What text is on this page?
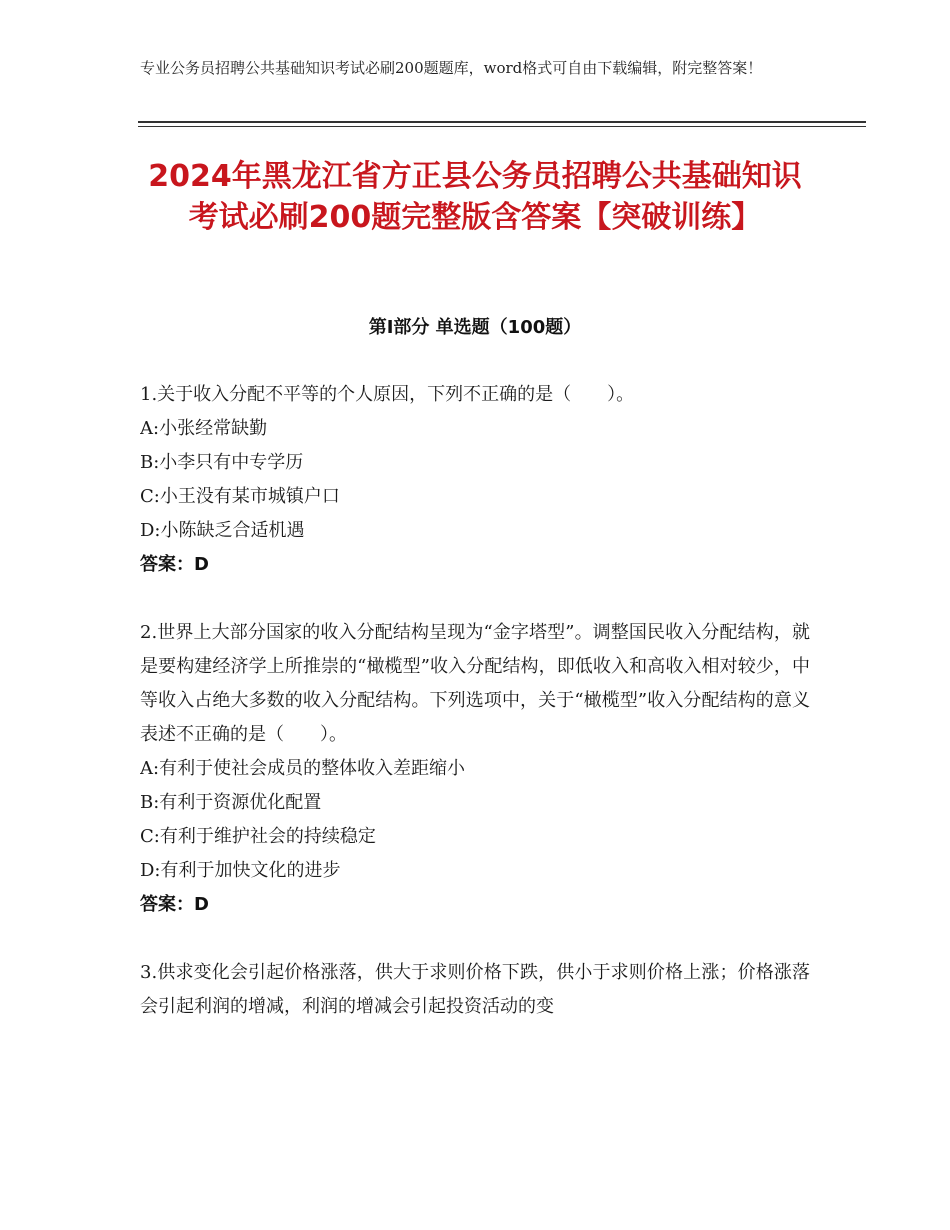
专业公务员招聘公共基础知识考试必刷200题题库，word格式可自由下载编辑，附完整答案！
2024年黑龙江省方正县公务员招聘公共基础知识考试必刷200题完整版含答案【突破训练】
第Ⅰ部分 单选题（100题）

1.关于收入分配不平等的个人原因，下列不正确的是（　　）。

A:小张经常缺勤

B:小李只有中专学历

C:小王没有某市城镇户口

D:小陈缺乏合适机遇

答案：D

2.世界上大部分国家的收入分配结构呈现为“金字塔型”。调整国民收入分配结构，就是要构建经济学上所推崇的“橄榄型”收入分配结构，即低收入和高收入相对较少，中等收入占绝大多数的收入分配结构。下列选项中，关于“橄榄型”收入分配结构的意义表述不正确的是（　　）。

A:有利于使社会成员的整体收入差距缩小

B:有利于资源优化配置

C:有利于维护社会的持续稳定

D:有利于加快文化的进步

答案：D

3.供求变化会引起价格涨落，供大于求则价格下跌，供小于求则价格上涨；价格涨落会引起利润的增减，利润的增减会引起投资活动的变
